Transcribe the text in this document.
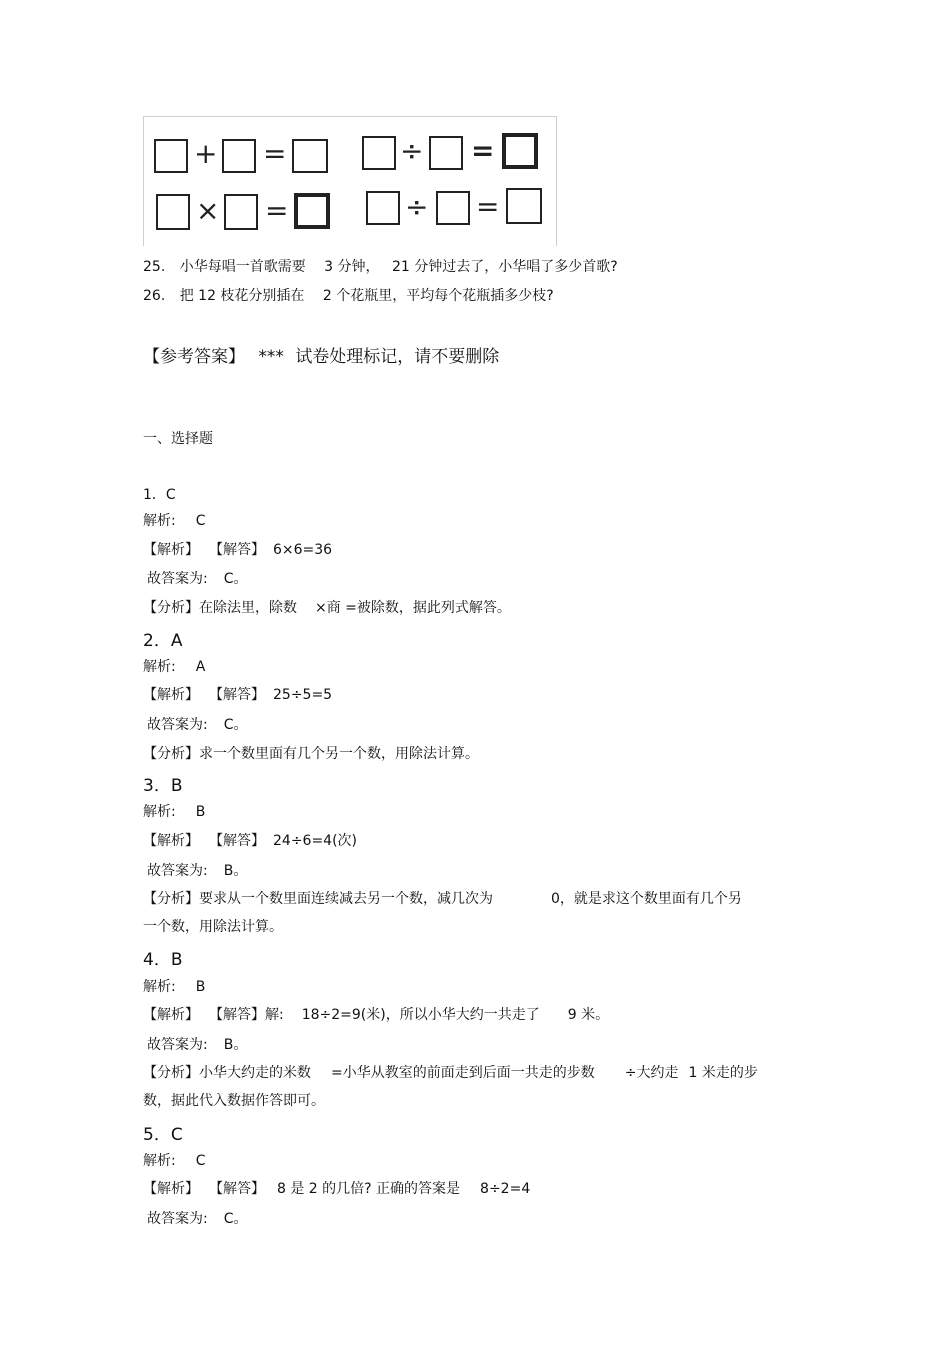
+ =	÷ =
× =	÷ =
25. 小华每唱一首歌需要 3 分钟， 21 分钟过去了，小华唱了多少首歌?
26. 把 12 枝花分别插在 2 个花瓶里，平均每个花瓶插多少枝?
【参考答案】 *** 试卷处理标记，请不要删除
一、选择题
1．C
解析: C
【解析】 【解答】 6×6=36
故答案为: C。
【分析】在除法里，除数 ×商 =被除数，据此列式解答。
2．A
解析: A
【解析】 【解答】 25÷5=5
故答案为: C。
【分析】求一个数里面有几个另一个数，用除法计算。
3．B
解析: B
【解析】 【解答】 24÷6=4(次)
故答案为: B。
【分析】要求从一个数里面连续减去另一个数，减几次为	0，就是求这个数里面有几个另
一个数，用除法计算。
4．B
解析: B
【解析】 【解答】解: 18÷2=9(米)，所以小华大约一共走了 9 米。
故答案为: B。
【分析】小华大约走的米数 =小华从教室的前面走到后面一共走的步数 ÷大约走 1 米走的步
数，据此代入数据作答即可。
5．C
解析: C
【解析】 【解答】 8 是 2 的几倍? 正确的答案是 8÷2=4
故答案为: C。
